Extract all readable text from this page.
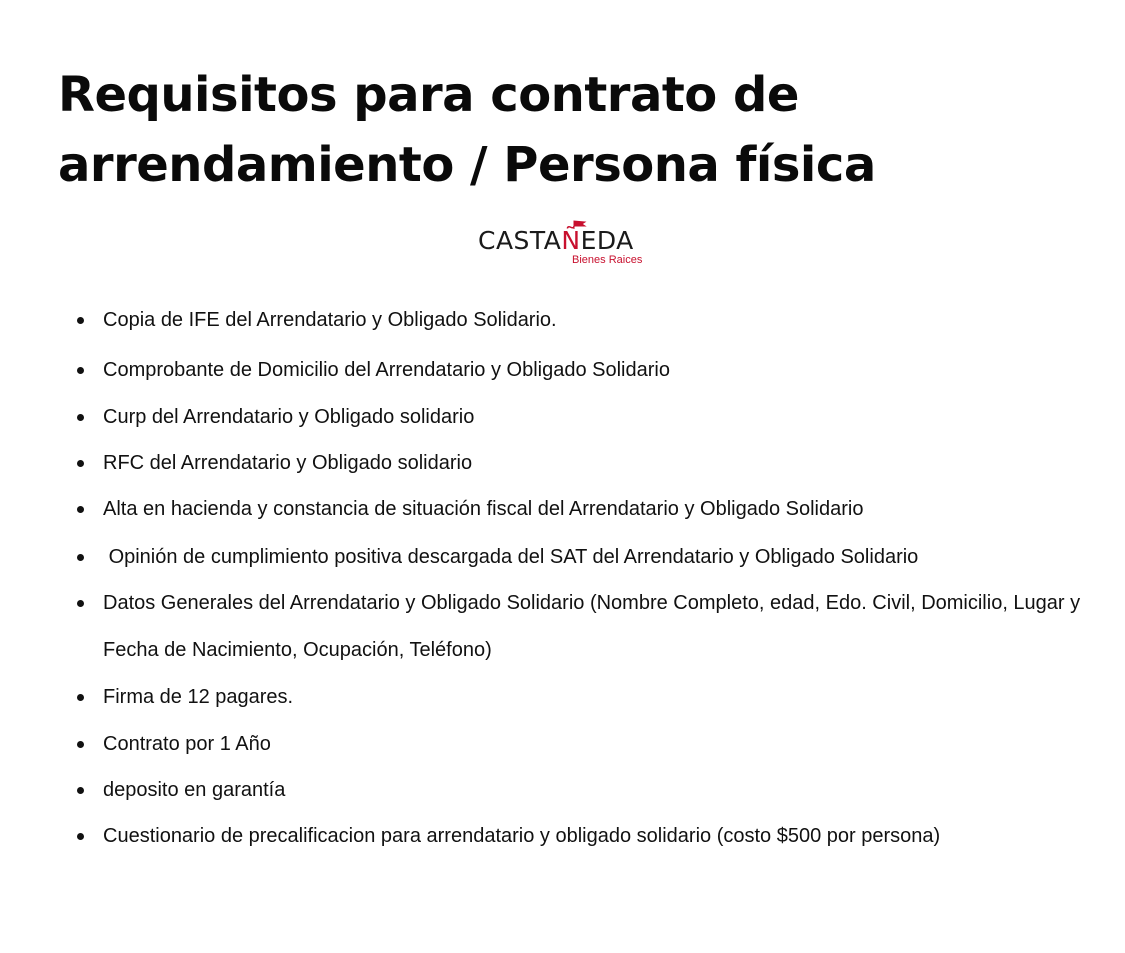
Requisitos para contrato de
arrendamiento / Persona física
CASTAÑEDA
Bienes Raices
Copia de IFE del Arrendatario y Obligado Solidario.
Comprobante de Domicilio del Arrendatario y Obligado Solidario
Curp del Arrendatario y Obligado solidario
RFC del Arrendatario y Obligado solidario
Alta en hacienda y constancia de situación fiscal del Arrendatario y Obligado Solidario
Opinión de cumplimiento positiva descargada del SAT del Arrendatario y Obligado Solidario
Datos Generales del Arrendatario y Obligado Solidario (Nombre Completo, edad, Edo. Civil, Domicilio, Lugar y Fecha de Nacimiento, Ocupación, Teléfono)
Firma de 12 pagares.
Contrato por 1 Año
deposito en garantía
Cuestionario de precalificacion para arrendatario y obligado solidario (costo $500 por persona)
